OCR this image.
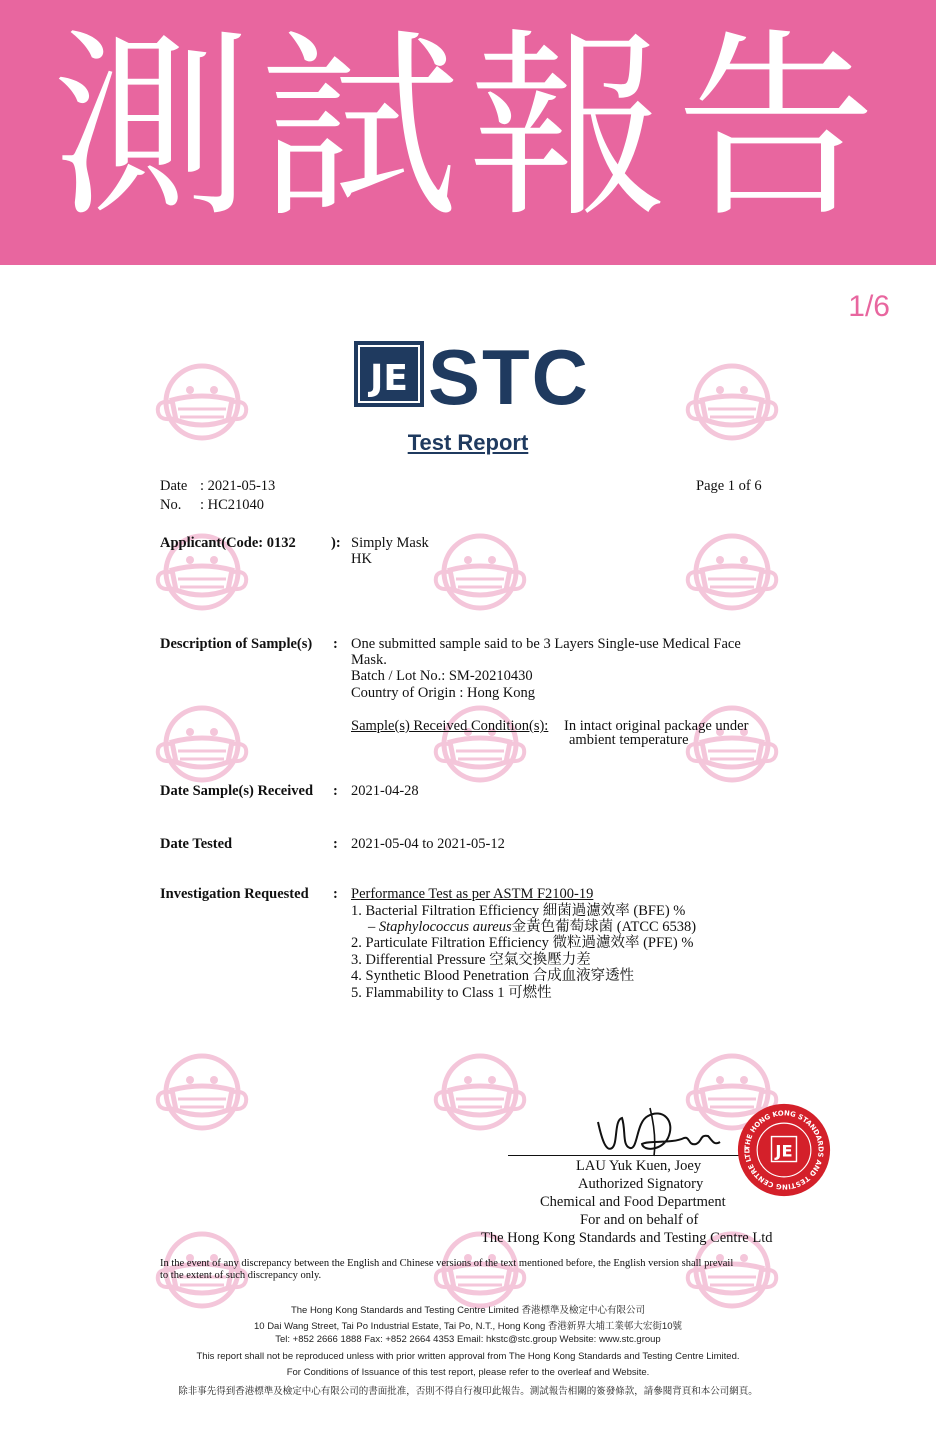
測試報告
1/6
JE STC
Test Report
Date : 2021-05-13
No. : HC21040
Page 1 of 6
Applicant(Code: 0132 ): Simply Mask
HK
Description of Sample(s) : One submitted sample said to be 3 Layers Single-use Medical Face
Mask.
Batch / Lot No.: SM-20210430
Country of Origin : Hong Kong
Sample(s) Received Condition(s): In intact original package under
ambient temperature
Date Sample(s) Received : 2021-04-28
Date Tested	: 2021-05-04 to 2021-05-12
Investigation Requested : Performance Test as per ASTM F2100-19
1. Bacterial Filtration Efficiency 細菌過濾效率 (BFE) %
– Staphylococcus aureus金黃色葡萄球菌 (ATCC 6538)
2. Particulate Filtration Efficiency 微粒過濾效率 (PFE) %
3. Differential Pressure 空氣交換壓力差
4. Synthetic Blood Penetration 合成血液穿透性
5. Flammability to Class 1 可燃性
THE HONG KONG STANDARDS AND TESTING CENTRE LTD	JE
LAU Yuk Kuen, Joey
Authorized Signatory
Chemical and Food Department
For and on behalf of
The Hong Kong Standards and Testing Centre Ltd
In the event of any discrepancy between the English and Chinese versions of the text mentioned before, the English version shall prevail
to the extent of such discrepancy only.
The Hong Kong Standards and Testing Centre Limited 香港標準及檢定中心有限公司
10 Dai Wang Street, Tai Po Industrial Estate, Tai Po, N.T., Hong Kong 香港新界大埔工業邨大宏街10號
Tel: +852 2666 1888 Fax: +852 2664 4353 Email: hkstc@stc.group Website: www.stc.group
This report shall not be reproduced unless with prior written approval from The Hong Kong Standards and Testing Centre Limited.
For Conditions of Issuance of this test report, please refer to the overleaf and Website.
除非事先得到香港標準及檢定中心有限公司的書面批准，否則不得自行複印此報告。測試報告相關的簽發條款，請參閱背頁和本公司網頁。
